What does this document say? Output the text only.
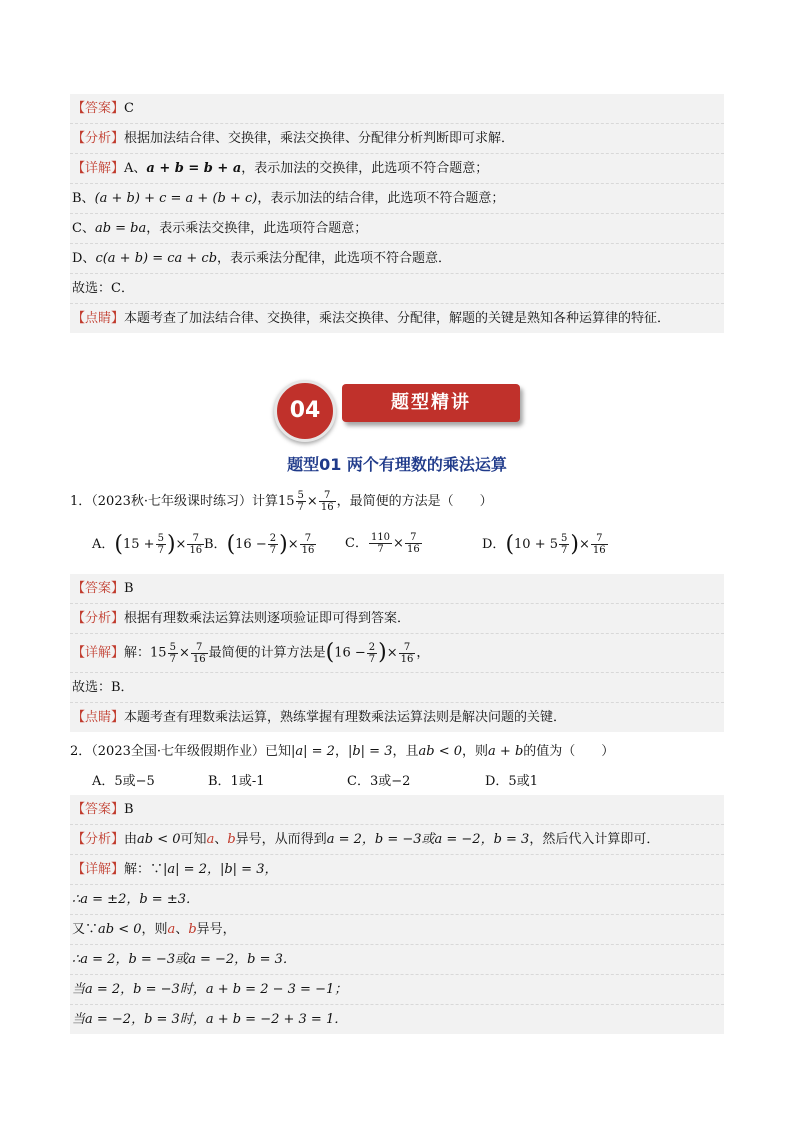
【答案】C
【分析】根据加法结合律、交换律，乘法交换律、分配律分析判断即可求解．
【详解】A、a + b = b + a，表示加法的交换律，此选项不符合题意；
B、(a + b) + c = a + (b + c)，表示加法的结合律，此选项不符合题意；
C、ab = ba，表示乘法交换律，此选项符合题意；
D、c(a + b) = ca + cb，表示乘法分配律，此选项不符合题意．
故选：C．
【点睛】本题考查了加法结合律、交换律，乘法交换律、分配律，解题的关键是熟知各种运算律的特征．
04	题型精讲
题型01 两个有理数的乘法运算
1．（2023秋·七年级课时练习）计算$15 \frac{5}{7} \times \frac{7}{16}$ ，最简便的方法是（　　）
A．($15 + \frac{5}{7}$ )× $\frac{7}{16}$ B．($16 - \frac{2}{7}$ )× $\frac{7}{16}$ C． $\frac{110}{7} \times \frac{7}{16}$	D．($10 + 5 \frac{5}{7}$ )× $\frac{7}{16}$
【答案】B
【分析】根据有理数乘法运算法则逐项验证即可得到答案．
【详解】解：$15 \frac{5}{7} \times \frac{7}{16}$ 最简便的计算方法是($16 - \frac{2}{7}$ )× $\frac{7}{16}$ ，
故选：B．
【点睛】本题考查有理数乘法运算，熟练掌握有理数乘法运算法则是解决问题的关键．
2．（2023全国·七年级假期作业）已知|a| = 2，|b| = 3，且ab < 0，则a + b的值为（　　）
A．5或−5	B．1或-1	C．3或−2	D．5或1
【答案】B
【分析】由ab < 0可知a、b异号，从而得到a = 2，b = −3或a = −2，b = 3，然后代入计算即可．
【详解】解：∵|a| = 2，|b| = 3，
∴a = ±2，b = ±3．
又∵ab < 0，则a、b异号，
∴a = 2，b = −3或a = −2，b = 3．
当a = 2，b = −3时，a + b = 2 − 3 = −1；
当a = −2，b = 3时，a + b = −2 + 3 = 1．
